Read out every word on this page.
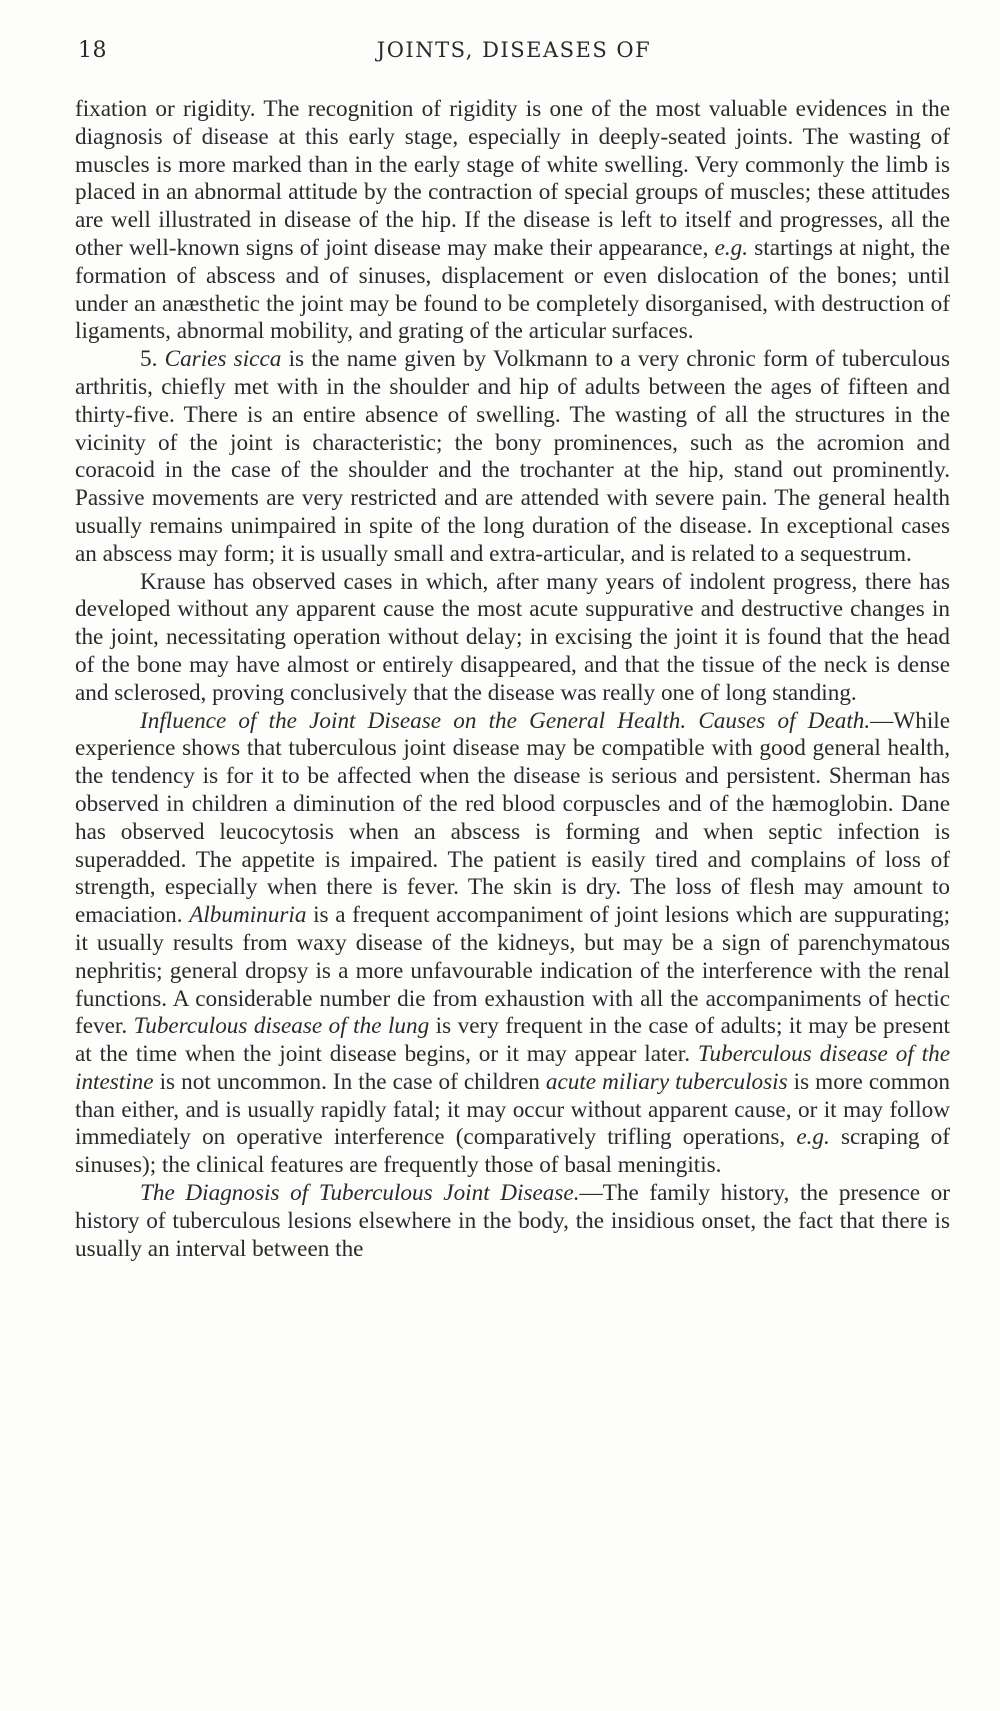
18	JOINTS, DISEASES OF

fixation or rigidity. The recognition of rigidity is one of the most valuable evidences in the diagnosis of disease at this early stage, especially in deeply-seated joints. The wasting of muscles is more marked than in the early stage of white swelling. Very commonly the limb is placed in an abnormal attitude by the contraction of special groups of muscles; these attitudes are well illustrated in disease of the hip. If the disease is left to itself and progresses, all the other well-known signs of joint disease may make their appearance, e.g. startings at night, the formation of abscess and of sinuses, displacement or even dislocation of the bones; until under an anæsthetic the joint may be found to be completely disorganised, with destruction of ligaments, abnormal mobility, and grating of the articular surfaces.

5. Caries sicca is the name given by Volkmann to a very chronic form of tuberculous arthritis, chiefly met with in the shoulder and hip of adults between the ages of fifteen and thirty-five. There is an entire absence of swelling. The wasting of all the structures in the vicinity of the joint is characteristic; the bony prominences, such as the acromion and coracoid in the case of the shoulder and the trochanter at the hip, stand out prominently. Passive movements are very restricted and are attended with severe pain. The general health usually remains unimpaired in spite of the long duration of the disease. In exceptional cases an abscess may form; it is usually small and extra-articular, and is related to a sequestrum.

Krause has observed cases in which, after many years of indolent progress, there has developed without any apparent cause the most acute suppurative and destructive changes in the joint, necessitating operation without delay; in excising the joint it is found that the head of the bone may have almost or entirely disappeared, and that the tissue of the neck is dense and sclerosed, proving conclusively that the disease was really one of long standing.

Influence of the Joint Disease on the General Health. Causes of Death.—While experience shows that tuberculous joint disease may be compatible with good general health, the tendency is for it to be affected when the disease is serious and persistent. Sherman has observed in children a diminution of the red blood corpuscles and of the hæmoglobin. Dane has observed leucocytosis when an abscess is forming and when septic infection is superadded. The appetite is impaired. The patient is easily tired and complains of loss of strength, especially when there is fever. The skin is dry. The loss of flesh may amount to emaciation. Albuminuria is a frequent accompaniment of joint lesions which are suppurating; it usually results from waxy disease of the kidneys, but may be a sign of parenchymatous nephritis; general dropsy is a more unfavourable indication of the interference with the renal functions. A considerable number die from exhaustion with all the accompaniments of hectic fever. Tuberculous disease of the lung is very frequent in the case of adults; it may be present at the time when the joint disease begins, or it may appear later. Tuberculous disease of the intestine is not uncommon. In the case of children acute miliary tuberculosis is more common than either, and is usually rapidly fatal; it may occur without apparent cause, or it may follow immediately on operative interference (comparatively trifling operations, e.g. scraping of sinuses); the clinical features are frequently those of basal meningitis.

The Diagnosis of Tuberculous Joint Disease.—The family history, the presence or history of tuberculous lesions elsewhere in the body, the insidious onset, the fact that there is usually an interval between the
